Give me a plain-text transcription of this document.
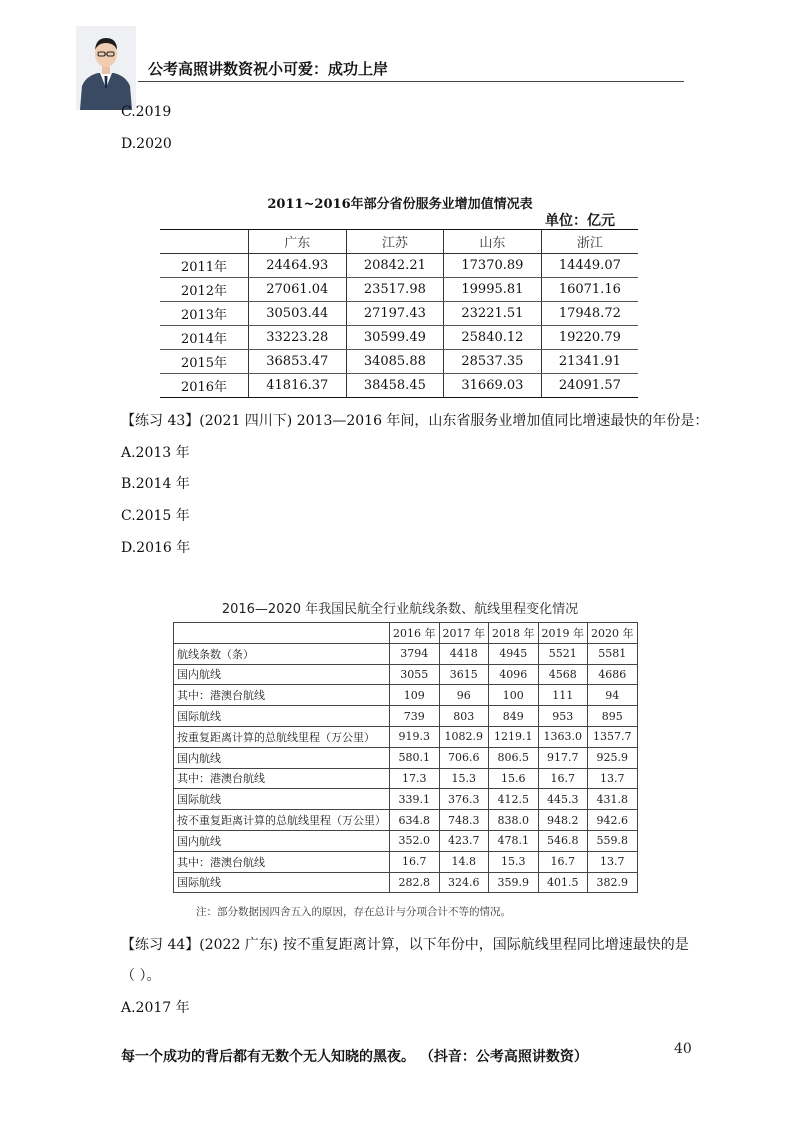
公考高照讲数资祝小可爱：成功上岸
C.2019
D.2020
2011~2016年部分省份服务业增加值情况表
单位：亿元
	广东	江苏	山东	浙江
2011年	24464.93	20842.21	17370.89	14449.07
2012年	27061.04	23517.98	19995.81	16071.16
2013年	30503.44	27197.43	23221.51	17948.72
2014年	33223.28	30599.49	25840.12	19220.79
2015年	36853.47	34085.88	28537.35	21341.91
2016年	41816.37	38458.45	31669.03	24091.57
【练习 43】(2021 四川下) 2013—2016 年间，山东省服务业增加值同比增速最快的年份是：
A.2013 年
B.2014 年
C.2015 年
D.2016 年
2016—2020 年我国民航全行业航线条数、航线里程变化情况
	2016 年	2017 年	2018 年	2019 年	2020 年
航线条数（条）	3794	4418	4945	5521	5581
国内航线	3055	3615	4096	4568	4686
其中：港澳台航线	109	96	100	111	94
国际航线	739	803	849	953	895
按重复距离计算的总航线里程（万公里）	919.3	1082.9	1219.1	1363.0	1357.7
国内航线	580.1	706.6	806.5	917.7	925.9
其中：港澳台航线	17.3	15.3	15.6	16.7	13.7
国际航线	339.1	376.3	412.5	445.3	431.8
按不重复距离计算的总航线里程（万公里）	634.8	748.3	838.0	948.2	942.6
国内航线	352.0	423.7	478.1	546.8	559.8
其中：港澳台航线	16.7	14.8	15.3	16.7	13.7
国际航线	282.8	324.6	359.9	401.5	382.9
注：部分数据因四舍五入的原因，存在总计与分项合计不等的情况。
【练习 44】(2022 广东) 按不重复距离计算，以下年份中，国际航线里程同比增速最快的是
（ ）。
A.2017 年
每一个成功的背后都有无数个无人知晓的黑夜。 （抖音：公考高照讲数资）	40
